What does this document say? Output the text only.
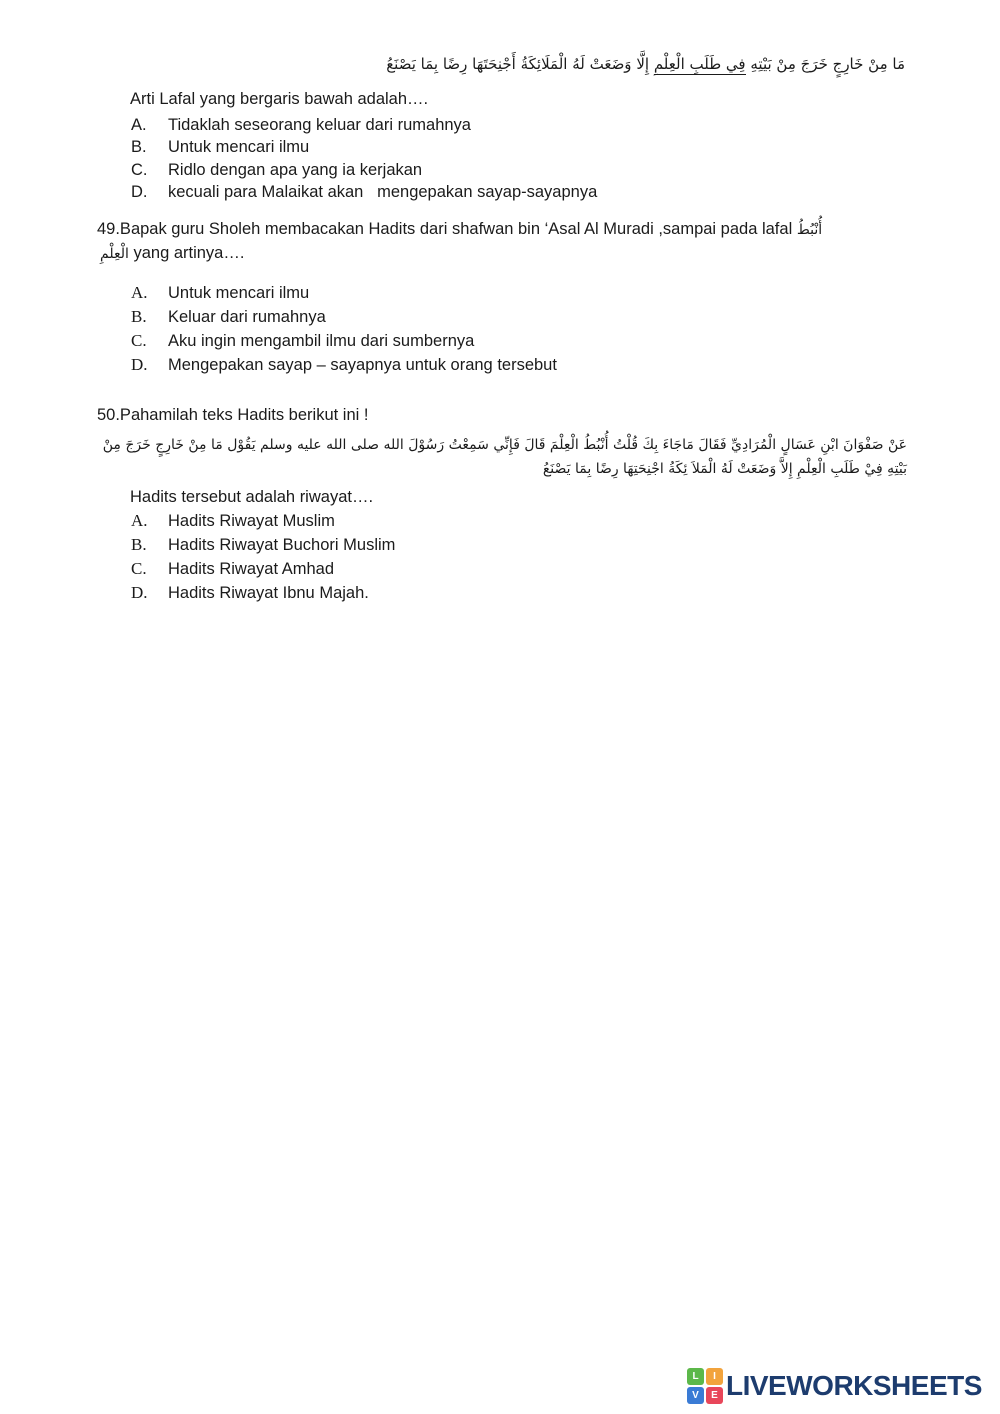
مَا مِنْ خَارِجٍ خَرَجَ مِنْ بَيْتِهِ فِي طَلَبِ الْعِلْمِ إِلَّا وَضَعَتْ لَهُ الْمَلَائِكَةُ أَجْنِحَتَهَا رِضًا بِمَا يَصْنَعُ
Arti Lafal yang bergaris bawah adalah….
A.	Tidaklah seseorang keluar dari rumahnya
B.	Untuk mencari ilmu
C.	Ridlo dengan apa yang ia kerjakan
D.	kecuali para Malaikat akan   mengepakan sayap-sayapnya
49.Bapak guru Sholeh membacakan Hadits dari shafwan bin ‘Asal Al Muradi ,sampai pada lafal أُنْبُطُ
الْعِلْمِ yang artinya….
A.	Untuk mencari ilmu
B.	Keluar dari rumahnya
C.	Aku ingin mengambil ilmu dari sumbernya
D.	Mengepakan sayap – sayapnya untuk orang tersebut
50.Pahamilah teks Hadits berikut ini !
عَنْ صَفْوَانَ ابْنِ عَسَالٍ الْمُرَادِيِّ فَقَالَ مَاجَاءَ بِكَ قُلْتُ أُنْبُطُ الْعِلْمَ قَالَ فَإِنِّي سَمِعْتُ رَسُوْلَ الله صلى الله عليه وسلم يَقُوْل مَا مِنْ خَارِجٍ خَرَجَ مِنْ
بَيْتِهِ فِيْ طَلَبِ الْعِلْمِ إِلاَّ وَضَعَتْ لَهُ الْمَلاَ ئِكَةُ اجْنِحَتِهَا رِضًا بِمَا يَصْنَعُ
Hadits tersebut adalah riwayat….
A.	Hadits Riwayat Muslim
B.	Hadits Riwayat Buchori Muslim
C.	Hadits Riwayat Amhad
D.	Hadits Riwayat Ibnu Majah.
L	I
V	E LIVEWORKSHEETS
